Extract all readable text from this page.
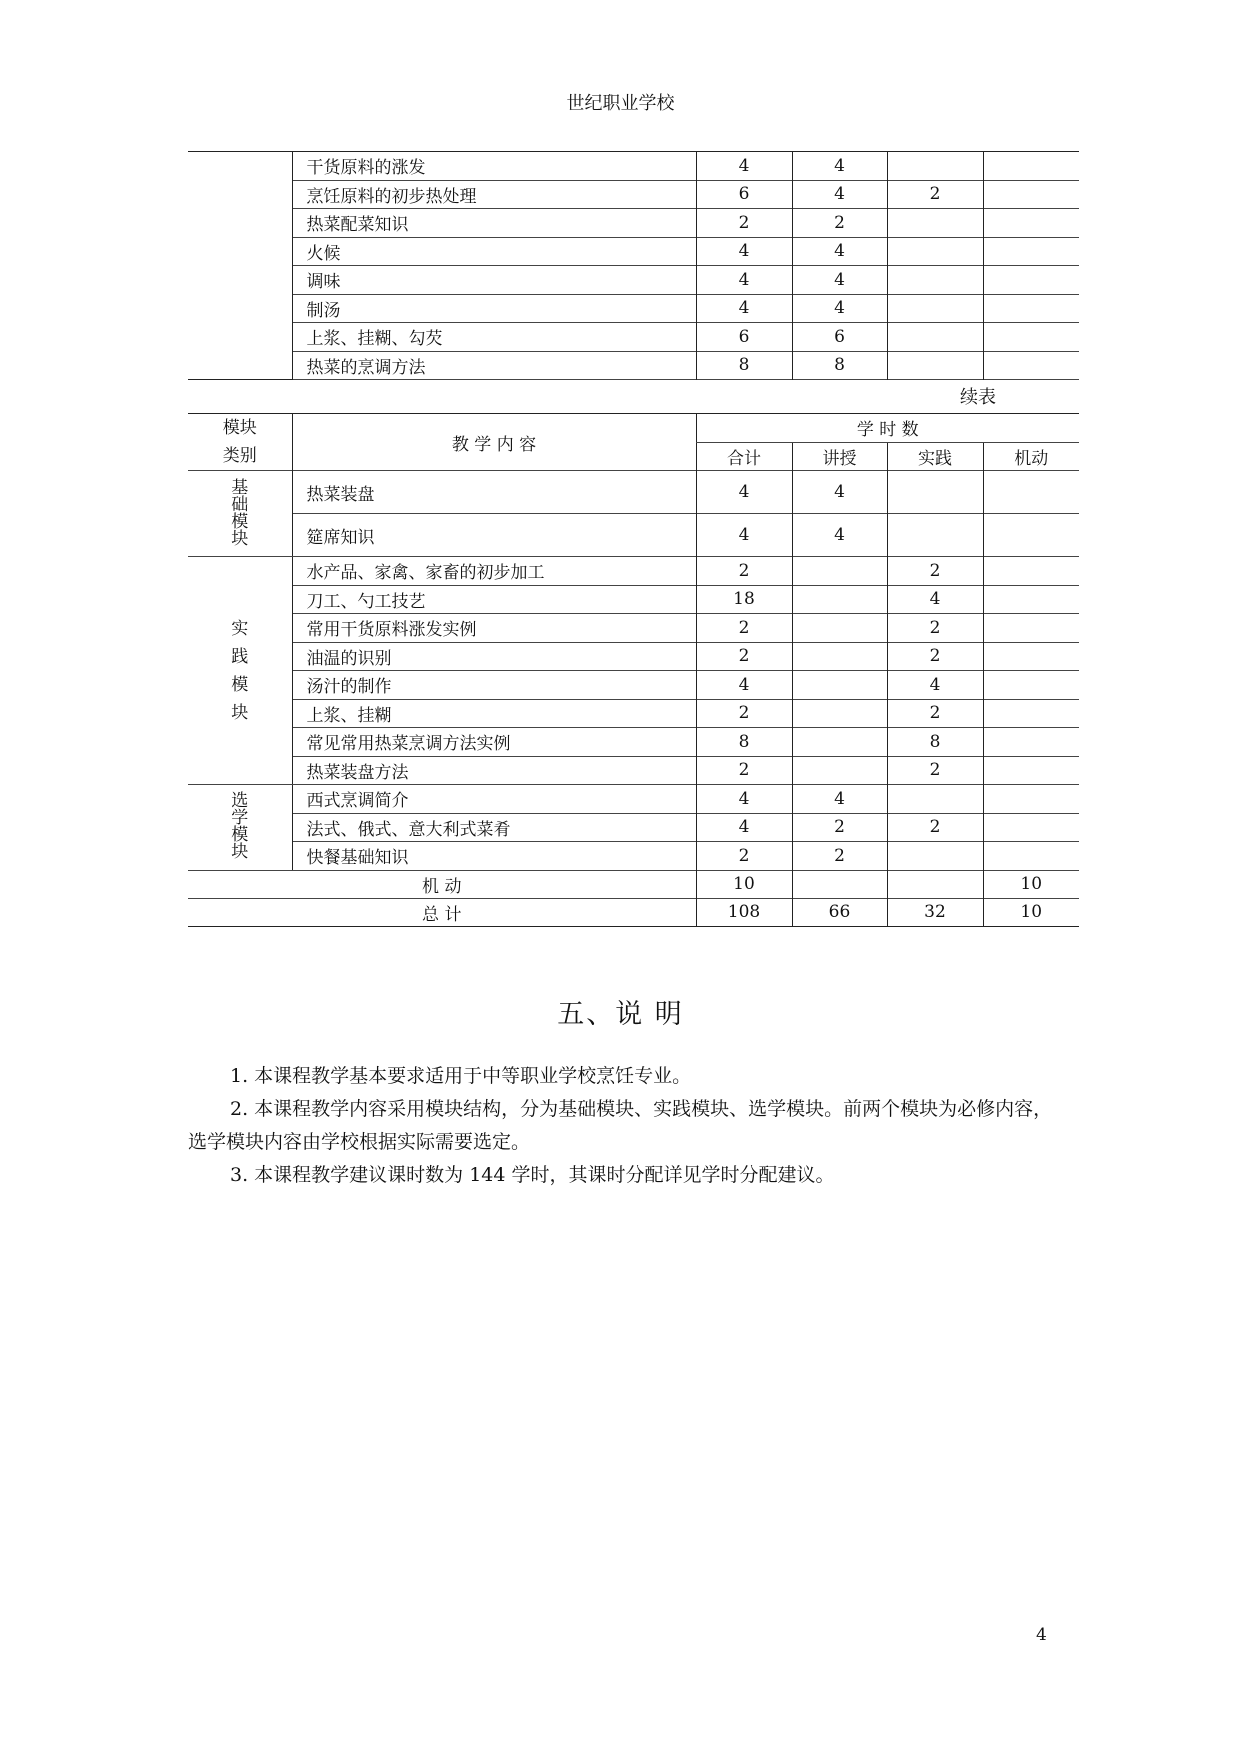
世纪职业学校
	干货原料的涨发	4	4		
	烹饪原料的初步热处理	6	4	2	
	热菜配菜知识	2	2		
	火候	4	4		
	调味	4	4		
	制汤	4	4		
	上浆、挂糊、勾芡	6	6		
	热菜的烹调方法	8	8		
续表
模块
类别	教 学 内 容	学 时 数			
		合计	讲授	实践	机动

基
础
模
块	热菜装盘	4	4		
	筵席知识	4	4		

实
践
模
块	水产品、家禽、家畜的初步加工	2		2	
	刀工、勺工技艺	18		4	
	常用干货原料涨发实例	2		2	
	油温的识别	2		2	
	汤汁的制作	4		4	
	上浆、挂糊	2		2	
	常见常用热菜烹调方法实例	8		8	
	热菜装盘方法	2		2	

选
学
模
块	西式烹调简介	4	4		
	法式、俄式、意大利式菜肴	4	2	2	
	快餐基础知识	2	2		
机 动		10			10
总 计		108	66	32	10
五、说 明
1. 本课程教学基本要求适用于中等职业学校烹饪专业。
2. 本课程教学内容采用模块结构，分为基础模块、实践模块、选学模块。前两个模块为必修内容，选学模块内容由学校根据实际需要选定。
3. 本课程教学建议课时数为 144 学时，其课时分配详见学时分配建议。
4
